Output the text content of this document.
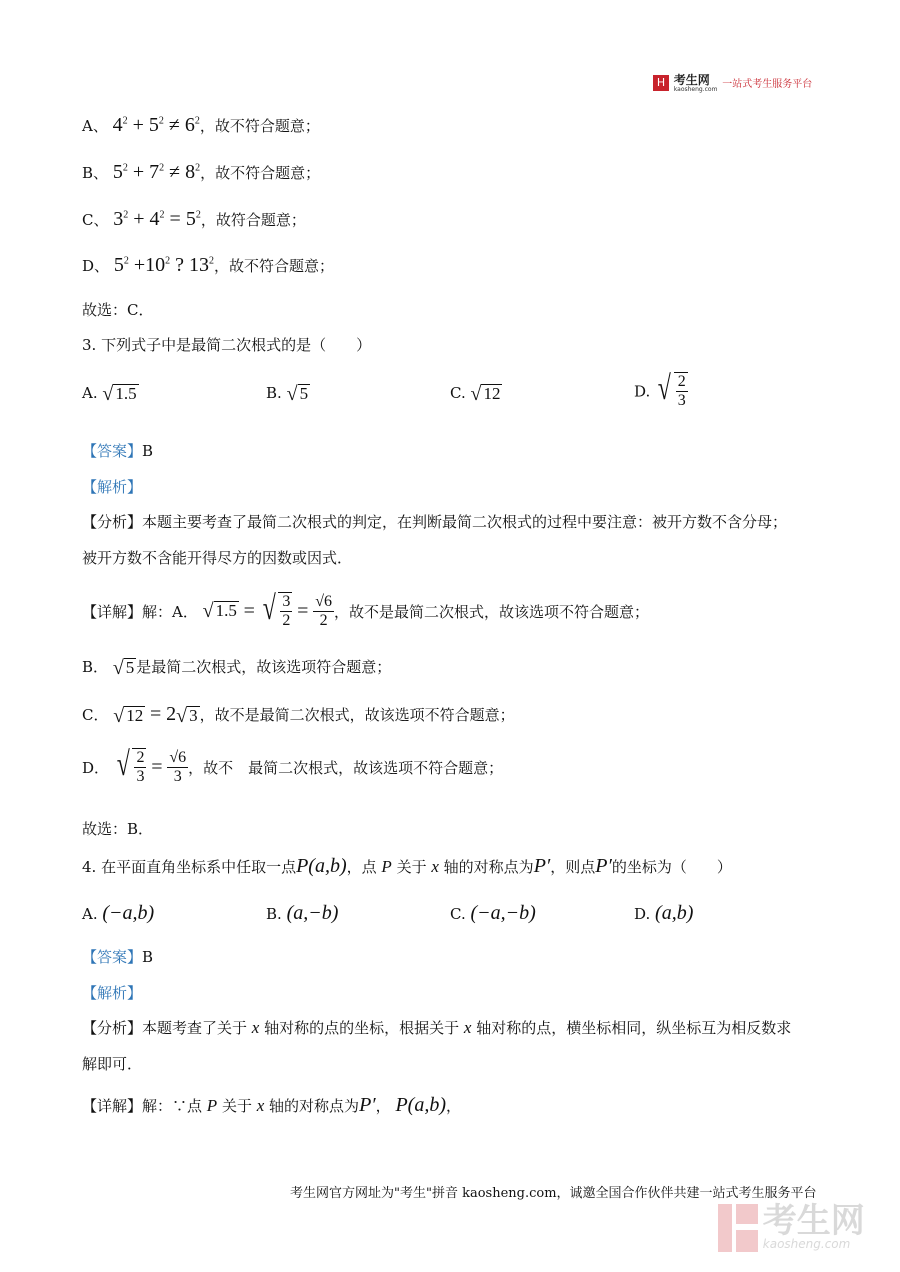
H 考生网
kaosheng.com 一站式考生服务平台
A、 $4^2 + 5^2 \ne 6^2$，故不符合题意；
B、 $5^2 + 7^2 \ne 8^2$，故不符合题意；
C、 $3^2 + 4^2 = 5^2$，故符合题意；
D、 $5^2 +10^2$ ? $13^2$，故不符合题意；
故选：C．
3. 下列式子中是最简二次根式的是（　　）
A. √ 1.5	B. √ 5	C. √ 12	D. √ $\frac{2}{3}$
【答案】B
【解析】
【分析】本题主要考查了最简二次根式的判定，在判断最简二次根式的过程中要注意：被开方数不含分母；
被开方数不含能开得尽方的因数或因式．
【详解】解：A． √ 1.5 = √ $\frac{3}{2} = \frac{√6}{2}$ ，故不是最简二次根式，故该选项不符合题意；
B． √ 5 是最简二次根式，故该选项符合题意；
C． √ 12 = 2 √ 3 ，故不是最简二次根式，故该选项不符合题意；
D． √ $\frac{2}{3} = \frac{√6}{3}$ ，故不　最简二次根式，故该选项不符合题意；
故选：B．
4. 在平面直角坐标系中任取一点P(a,b)，点 P 关于 x 轴的对称点为P′，则点P′的坐标为（　　）
A. (−a,b)	B. (a,−b)	C. (−a,−b)	D. (a,b)
【答案】B
【解析】
【分析】本题考查了关于 x 轴对称的点的坐标，根据关于 x 轴对称的点，横坐标相同，纵坐标互为相反数求
解即可．
【详解】解：∵点 P 关于 x 轴的对称点为P′， P(a,b)，
考生网官方网址为"考生"拼音 kaosheng.com，诚邀全国合作伙伴共建一站式考生服务平台

考生网
kaosheng.com
